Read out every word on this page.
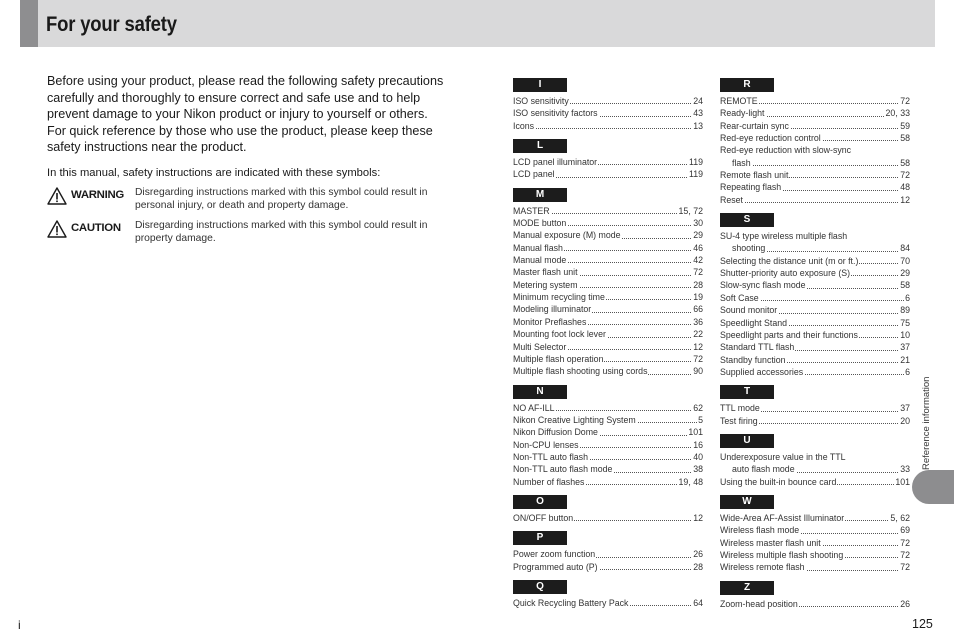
For your safety
Before using your product, please read the following safety precautions carefully and thoroughly to ensure correct and safe use and to help prevent damage to your Nikon product or injury to yourself or others. For quick reference by those who use the product, please keep these safety instructions near the product.
In this manual, safety instructions are indicated with these symbols:
WARNING Disregarding instructions marked with this symbol could result in personal injury, or death and property damage.
CAUTION Disregarding instructions marked with this symbol could result in property damage.
I
ISO sensitivity	24
ISO sensitivity factors	43
Icons	13
L
LCD panel illuminator	119
LCD panel	119
M
MASTER	15, 72
MODE button	30
Manual exposure (M) mode	29
Manual flash	46
Manual mode	42
Master flash unit	72
Metering system	28
Minimum recycling time	19
Modeling illuminator	66
Monitor Preflashes	36
Mounting foot lock lever	22
Multi Selector	12
Multiple flash operation	72
Multiple flash shooting using cords	90
N
NO AF-ILL	62
Nikon Creative Lighting System	5
Nikon Diffusion Dome	101
Non-CPU lenses	16
Non-TTL auto flash	40
Non-TTL auto flash mode	38
Number of flashes	19, 48
O
ON/OFF button	12
P
Power zoom function	26
Programmed auto (P)	28
Q
Quick Recycling Battery Pack	64
R
REMOTE	72
Ready-light	20, 33
Rear-curtain sync	59
Red-eye reduction control	58
Red-eye reduction with slow-sync
flash	58
Remote flash unit	72
Repeating flash	48
Reset	12
S
SU-4 type wireless multiple flash
shooting	84
Selecting the distance unit (m or ft.)	70
Shutter-priority auto exposure (S)	29
Slow-sync flash mode	58
Soft Case	6
Sound monitor	89
Speedlight Stand	75
Speedlight parts and their functions	10
Standard TTL flash	37
Standby function	21
Supplied accessories	6
T
TTL mode	37
Test firing	20
U
Underexposure value in the TTL
auto flash mode	33
Using the built-in bounce card	101
W
Wide-Area AF-Assist Illuminator	5, 62
Wireless flash mode	69
Wireless master flash unit	72
Wireless multiple flash shooting	72
Wireless remote flash	72
Z
Zoom-head position	26
Reference information
i	125
